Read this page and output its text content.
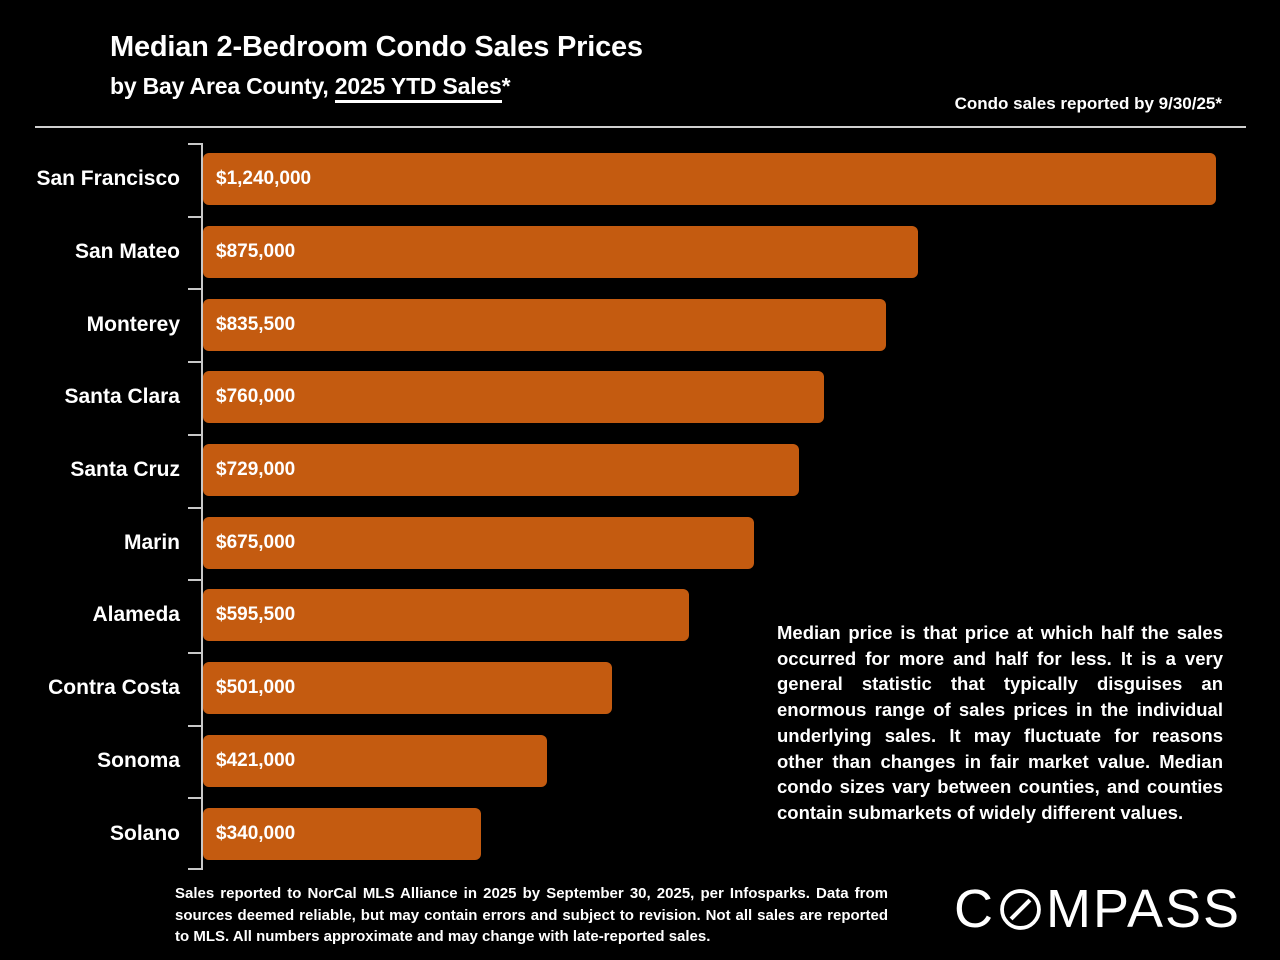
Median 2-Bedroom Condo Sales Prices
by Bay Area County, 2025 YTD Sales*
Condo sales reported by 9/30/25*
San Francisco $1,240,000
San Mateo $875,000
Monterey $835,500
Santa Clara $760,000
Santa Cruz $729,000
Marin $675,000
Alameda $595,500
Contra Costa $501,000
Sonoma $421,000
Solano $340,000
Median price is that price at which half the sales occurred for more and half for less. It is a very general statistic that typically disguises an enormous range of sales prices in the individual underlying sales. It may fluctuate for reasons other than changes in fair market value. Median condo sizes vary between counties, and counties contain submarkets of widely different values.
Sales reported to NorCal MLS Alliance in 2025 by September 30, 2025, per Infosparks. Data from sources deemed reliable, but may contain errors and subject to revision. Not all sales are reported to MLS. All numbers approximate and may change with late-reported sales.	C MPASS
